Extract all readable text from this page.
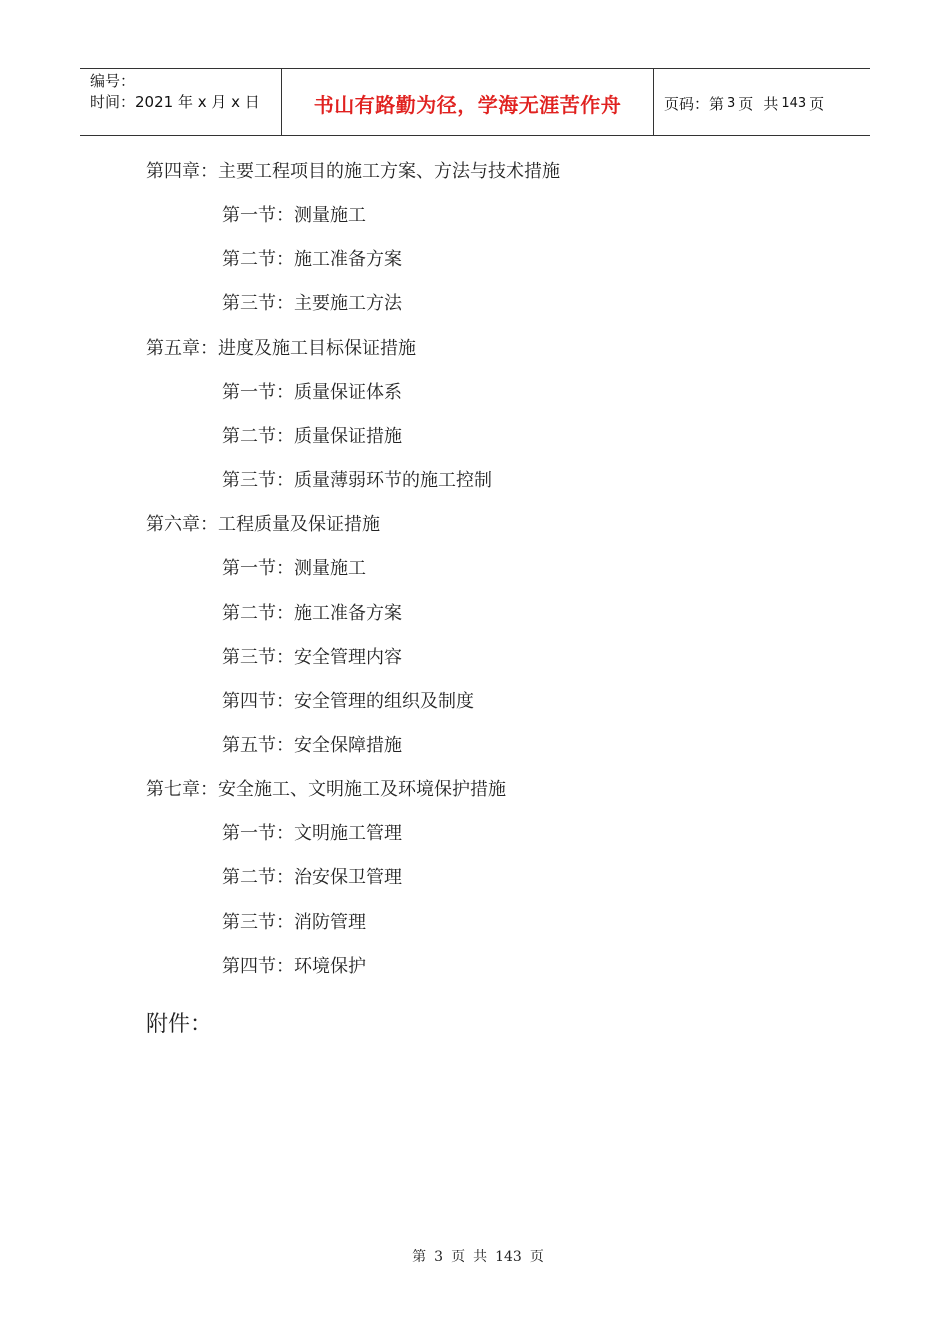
编号：
时间：2021 年 x 月 x 日	书山有路勤为径，学海无涯苦作舟	页码：第 3 页 共 143 页
第四章：主要工程项目的施工方案、方法与技术措施
第一节：测量施工
第二节：施工准备方案
第三节：主要施工方法
第五章：进度及施工目标保证措施
第一节：质量保证体系
第二节：质量保证措施
第三节：质量薄弱环节的施工控制
第六章：工程质量及保证措施
第一节：测量施工
第二节：施工准备方案
第三节：安全管理内容
第四节：安全管理的组织及制度
第五节：安全保障措施
第七章：安全施工、文明施工及环境保护措施
第一节：文明施工管理
第二节：治安保卫管理
第三节：消防管理
第四节：环境保护
附件：
第 3 页 共 143 页
